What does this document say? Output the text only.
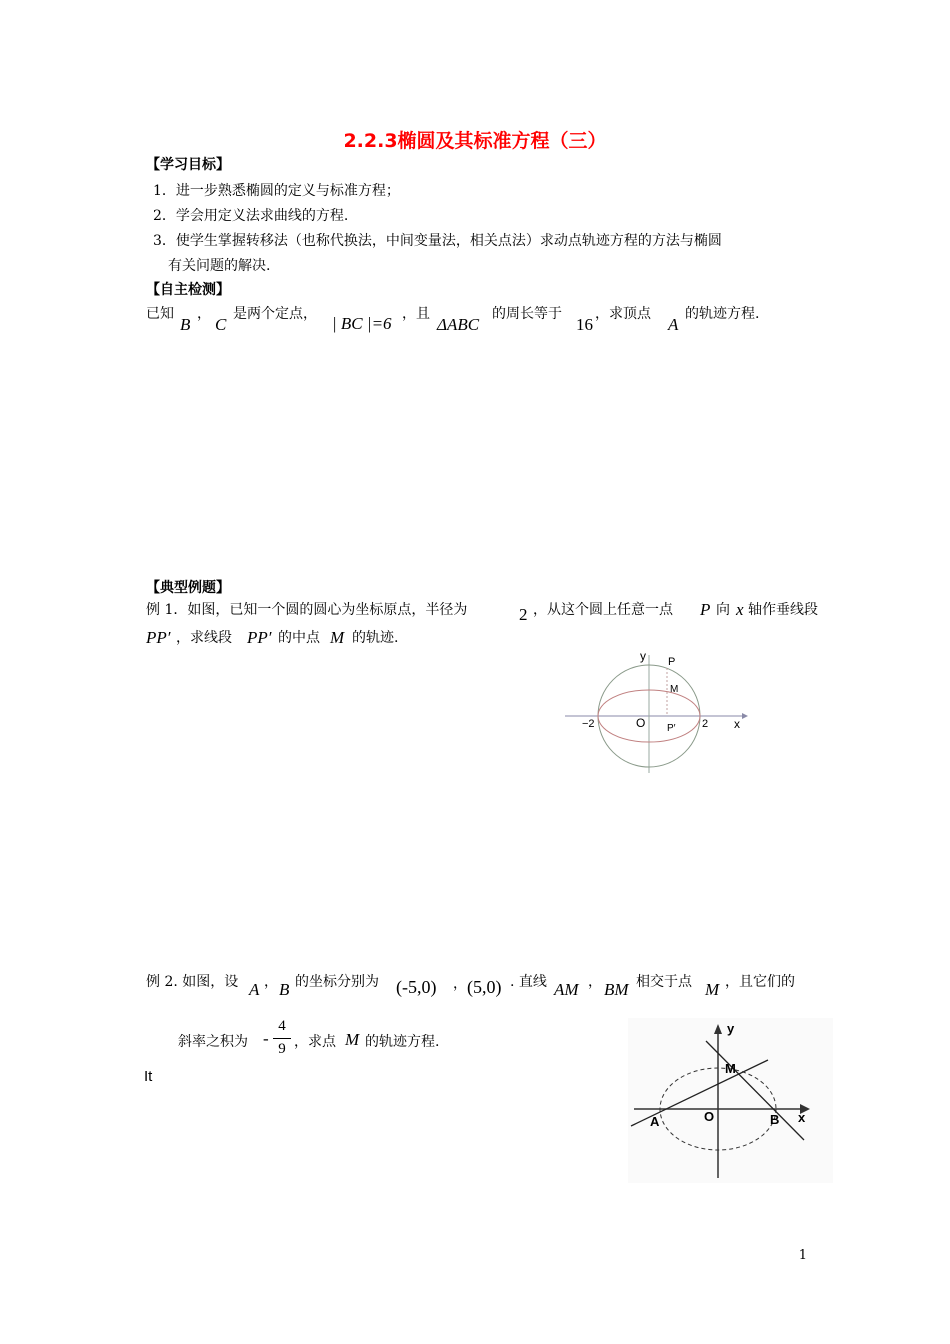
2.2.3椭圆及其标准方程（三）
【学习目标】
1．进一步熟悉椭圆的定义与标准方程；
2．学会用定义法求曲线的方程.
3．使学生掌握转移法（也称代换法，中间变量法，相关点法）求动点轨迹方程的方法与椭圆
有关问题的解决.
【自主检测】
已知
B
，
C
是两个定点， | BC |=6 ，且
ΔABC
的周长等于
16
，求顶点
A
的轨迹方程.
【典型例题】
例 1．如图，已知一个圆的圆心为坐标原点，半径为	2 ，从这个圆上任意一点 P 向 x 轴作垂线段
PP′ ，求线段 PP′ 的中点 M 的轨迹.
y P
M
−2	O P′ 2 x
例 2. 如图，设 A ， B 的坐标分别为 (-5,0) ， (5,0) . 直线 AM ， BM 相交于点 M ，且它们的
斜率之积为 -
4
9 ，求点 M 的轨迹方程.
It
y
M
A	O	B x
1
